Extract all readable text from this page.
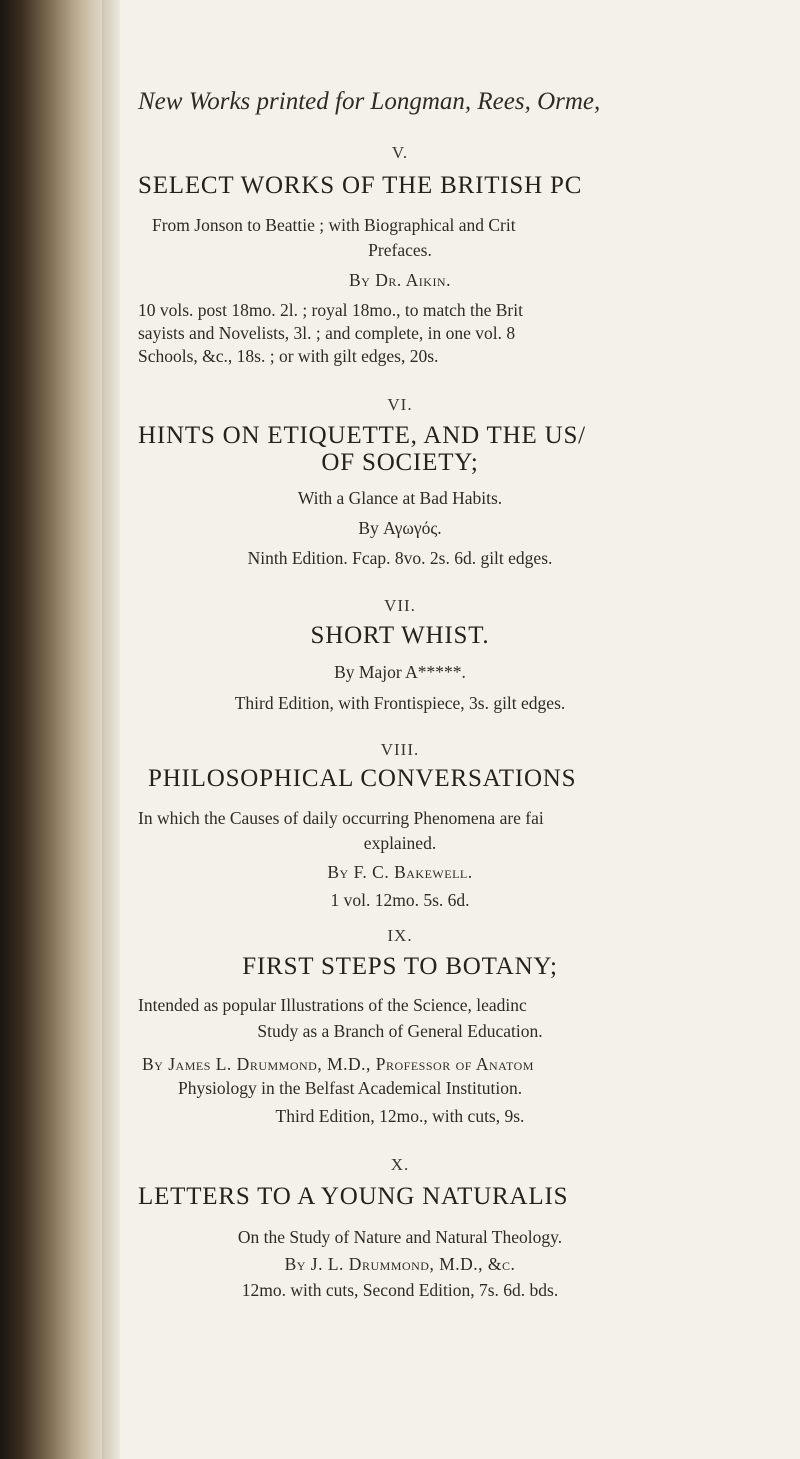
New Works printed for Longman, Rees, Orme,
V.
SELECT WORKS OF THE BRITISH PC
From Jonson to Beattie ; with Biographical and Crit
Prefaces.
By Dr. Aikin.
10 vols. post 18mo. 2l. ; royal 18mo., to match the Brit
sayists and Novelists, 3l. ; and complete, in one vol. 8
Schools, &c., 18s. ; or with gilt edges, 20s.
VI.
HINTS ON ETIQUETTE, AND THE US/
OF SOCIETY;
With a Glance at Bad Habits.
By Αγωγός.
Ninth Edition. Fcap. 8vo. 2s. 6d. gilt edges.
VII.
SHORT WHIST.
By Major A*****.
Third Edition, with Frontispiece, 3s. gilt edges.
VIII.
PHILOSOPHICAL CONVERSATIONS
In which the Causes of daily occurring Phenomena are fai
explained.
By F. C. Bakewell.
1 vol. 12mo. 5s. 6d.
IX.
FIRST STEPS TO BOTANY;
Intended as popular Illustrations of the Science, leadinc
Study as a Branch of General Education.
By James L. Drummond, M.D., Professor of Anatom
Physiology in the Belfast Academical Institution.
Third Edition, 12mo., with cuts, 9s.
X.
LETTERS TO A YOUNG NATURALIS
On the Study of Nature and Natural Theology.
By J. L. Drummond, M.D., &c.
12mo. with cuts, Second Edition, 7s. 6d. bds.
